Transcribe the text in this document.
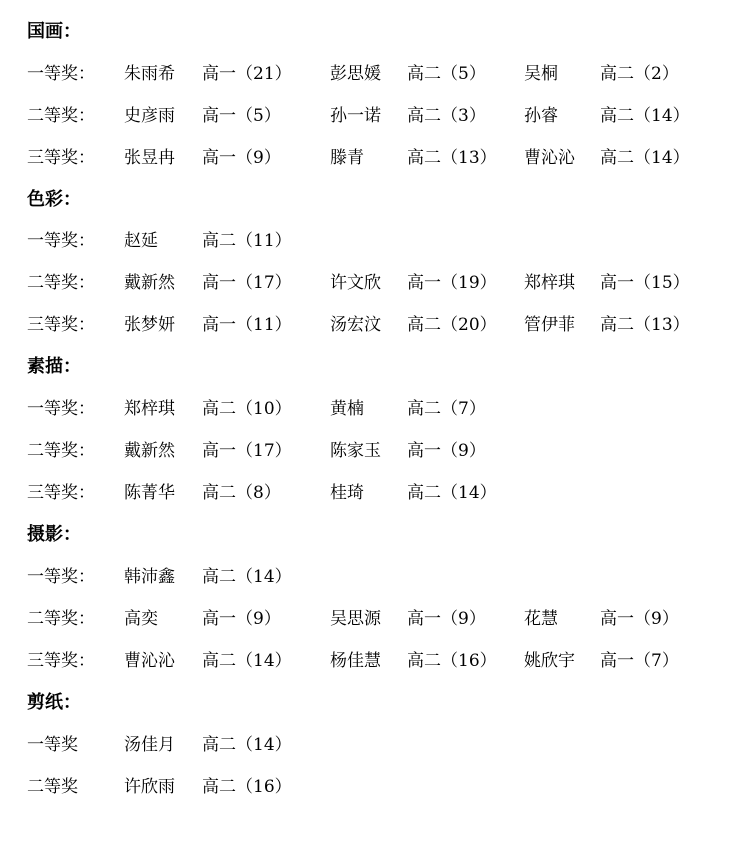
国画：
一等奖： 朱雨希 高一（21） 彭思媛 高二（5） 吴桐 高二（2）
二等奖： 史彦雨 高一（5）	孙一诺 高二（3） 孙睿 高二（14）
三等奖： 张昱冉 高一（9）	滕青	高二（13） 曹沁沁 高二（14）
色彩：
一等奖： 赵延	高二（11）
二等奖： 戴新然 高一（17） 许文欣 高一（19） 郑梓琪 高一（15）
三等奖： 张梦妍 高一（11） 汤宏汶 高二（20） 管伊菲 高二（13）
素描：
一等奖： 郑梓琪 高二（10） 黄楠	高二（7）
二等奖： 戴新然 高一（17） 陈家玉 高一（9）
三等奖： 陈菁华 高二（8）	桂琦	高二（14）
摄影：
一等奖： 韩沛鑫 高二（14）
二等奖： 高奕	高一（9）	吴思源 高一（9） 花慧 高一（9）
三等奖： 曹沁沁 高二（14） 杨佳慧 高二（16） 姚欣宇 高一（7）
剪纸：
一等奖	汤佳月 高二（14）
二等奖	许欣雨 高二（16）
